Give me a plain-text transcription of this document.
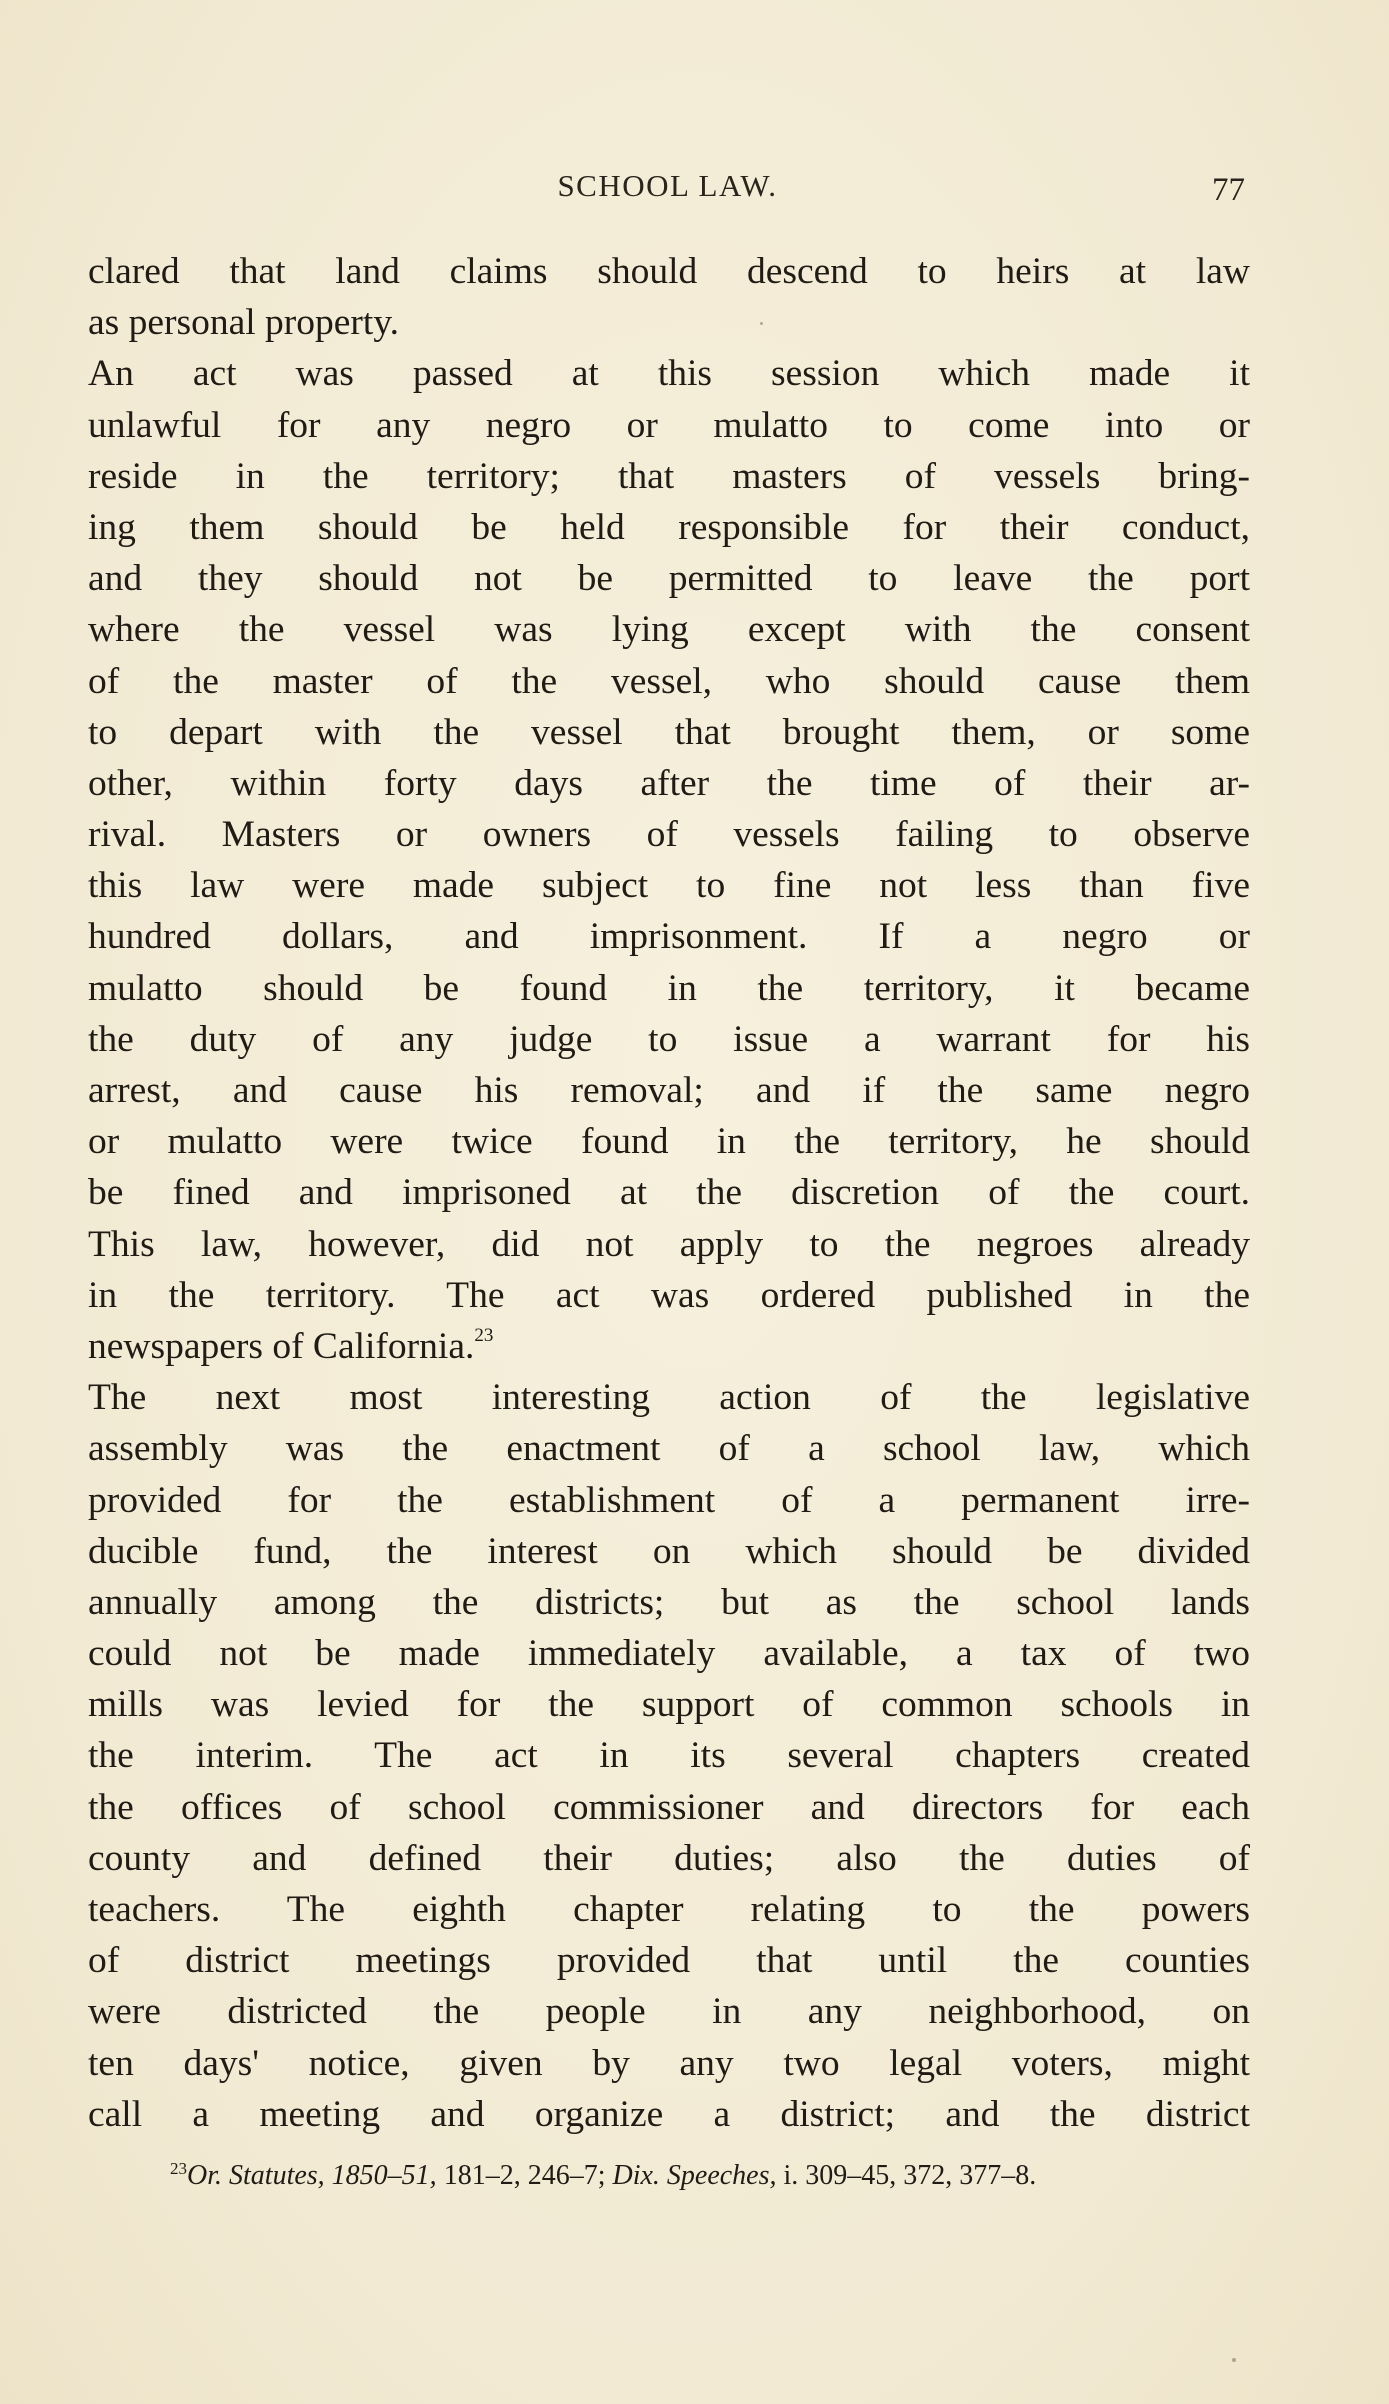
SCHOOL LAW.	77
clared that land claims should descend to heirs at law
as personal property.
An act was passed at this session which made it
unlawful for any negro or mulatto to come into or
reside in the territory; that masters of vessels bring-
ing them should be held responsible for their conduct,
and they should not be permitted to leave the port
where the vessel was lying except with the consent
of the master of the vessel, who should cause them
to depart with the vessel that brought them, or some
other, within forty days after the time of their ar-
rival. Masters or owners of vessels failing to observe
this law were made subject to fine not less than five
hundred dollars, and imprisonment. If a negro or
mulatto should be found in the territory, it became
the duty of any judge to issue a warrant for his
arrest, and cause his removal; and if the same negro
or mulatto were twice found in the territory, he should
be fined and imprisoned at the discretion of the court.
This law, however, did not apply to the negroes already
in the territory. The act was ordered published in the
newspapers of California.$^{23}$
The next most interesting action of the legislative
assembly was the enactment of a school law, which
provided for the establishment of a permanent irre-
ducible fund, the interest on which should be divided
annually among the districts; but as the school lands
could not be made immediately available, a tax of two
mills was levied for the support of common schools in
the interim. The act in its several chapters created
the offices of school commissioner and directors for each
county and defined their duties; also the duties of
teachers. The eighth chapter relating to the powers
of district meetings provided that until the counties
were districted the people in any neighborhood, on
ten days' notice, given by any two legal voters, might
call a meeting and organize a district; and the district
$^{23}$Or. Statutes, 1850–51, 181–2, 246–7; Dix. Speeches, i. 309–45, 372, 377–8.
